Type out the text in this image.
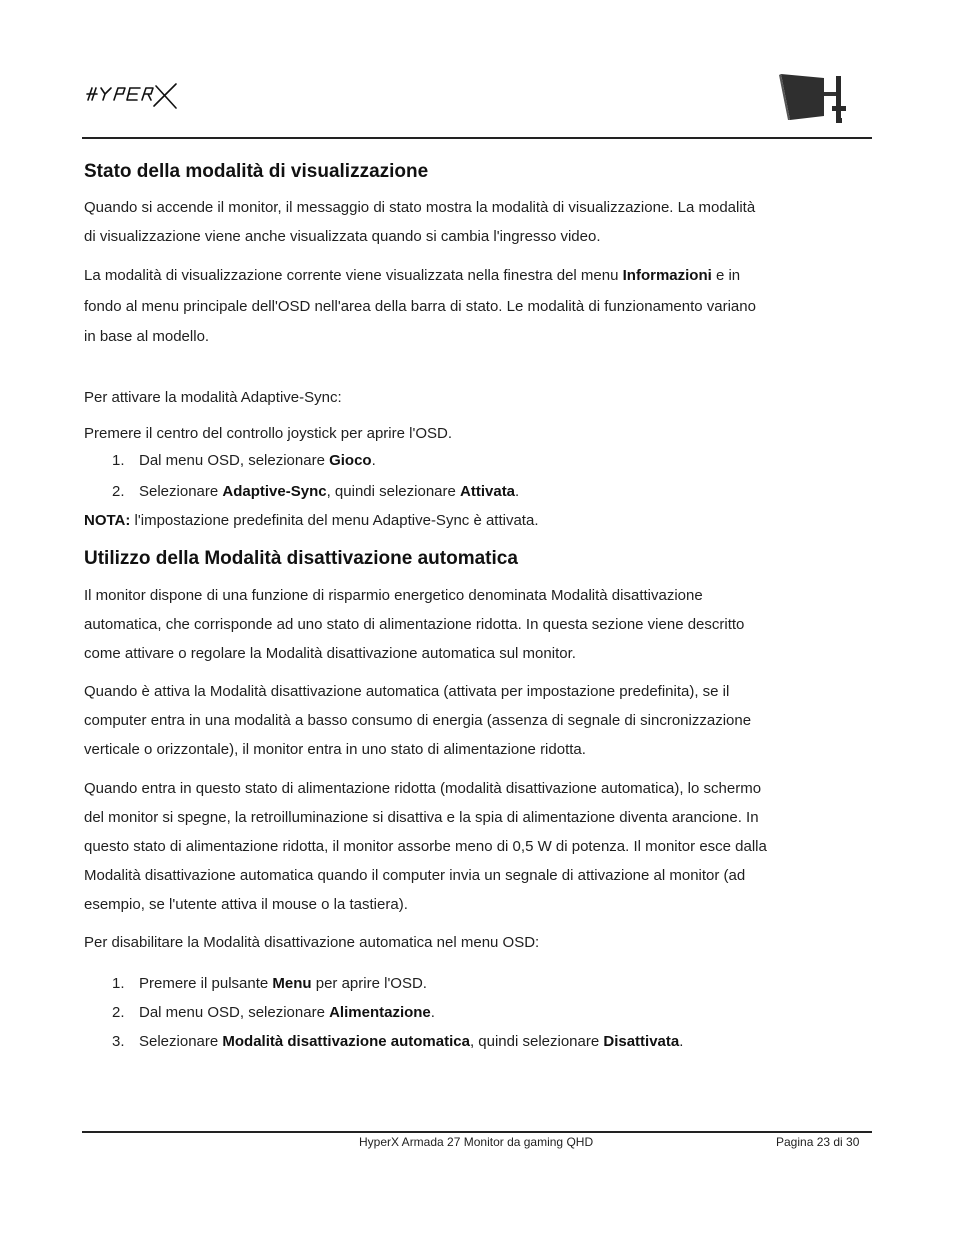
Stato della modalità di visualizzazione
Quando si accende il monitor, il messaggio di stato mostra la modalità di visualizzazione. La modalità
di visualizzazione viene anche visualizzata quando si cambia l'ingresso video.
La modalità di visualizzazione corrente viene visualizzata nella finestra del menu Informazioni e in
fondo al menu principale dell'OSD nell'area della barra di stato. Le modalità di funzionamento variano
in base al modello.
Per attivare la modalità Adaptive-Sync:
Premere il centro del controllo joystick per aprire l'OSD.
1. Dal menu OSD, selezionare Gioco.
2. Selezionare Adaptive-Sync, quindi selezionare Attivata.
NOTA: l'impostazione predefinita del menu Adaptive-Sync è attivata.
Utilizzo della Modalità disattivazione automatica
Il monitor dispone di una funzione di risparmio energetico denominata Modalità disattivazione
automatica, che corrisponde ad uno stato di alimentazione ridotta. In questa sezione viene descritto
come attivare o regolare la Modalità disattivazione automatica sul monitor.
Quando è attiva la Modalità disattivazione automatica (attivata per impostazione predefinita), se il
computer entra in una modalità a basso consumo di energia (assenza di segnale di sincronizzazione
verticale o orizzontale), il monitor entra in uno stato di alimentazione ridotta.
Quando entra in questo stato di alimentazione ridotta (modalità disattivazione automatica), lo schermo
del monitor si spegne, la retroilluminazione si disattiva e la spia di alimentazione diventa arancione. In
questo stato di alimentazione ridotta, il monitor assorbe meno di 0,5 W di potenza. Il monitor esce dalla
Modalità disattivazione automatica quando il computer invia un segnale di attivazione al monitor (ad
esempio, se l'utente attiva il mouse o la tastiera).
Per disabilitare la Modalità disattivazione automatica nel menu OSD:
1. Premere il pulsante Menu per aprire l'OSD.
2. Dal menu OSD, selezionare Alimentazione.
3. Selezionare Modalità disattivazione automatica, quindi selezionare Disattivata.
HyperX Armada 27 Monitor da gaming QHD	Pagina 23 di 30
